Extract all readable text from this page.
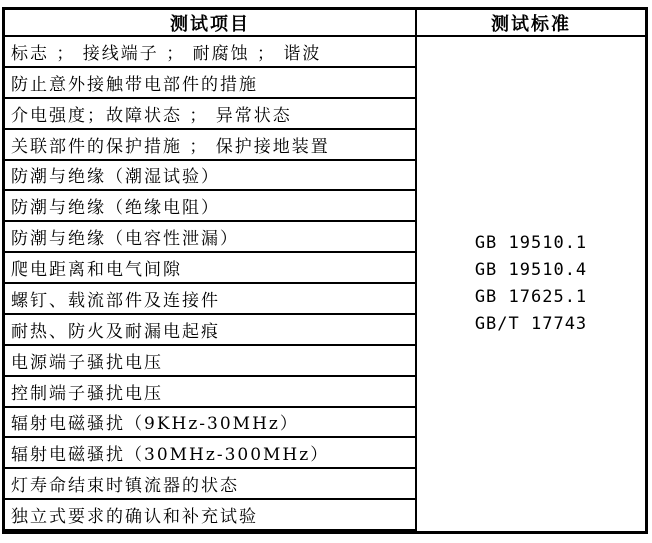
测试项目	测试标准
标志 ； 接线端子 ； 耐腐蚀 ； 谐波
防止意外接触带电部件的措施
介电强度；故障状态 ； 异常状态
关联部件的保护措施 ； 保护接地装置
防潮与绝缘（潮湿试验）
防潮与绝缘（绝缘电阻）
防潮与绝缘（电容性泄漏）
爬电距离和电气间隙
螺钉、载流部件及连接件
耐热、防火及耐漏电起痕
电源端子骚扰电压
控制端子骚扰电压
辐射电磁骚扰（9KHz-30MHz）
辐射电磁骚扰（30MHz-300MHz）
灯寿命结束时镇流器的状态
独立式要求的确认和补充试验
GB 19510.1
GB 19510.4
GB 17625.1
GB/T 17743
